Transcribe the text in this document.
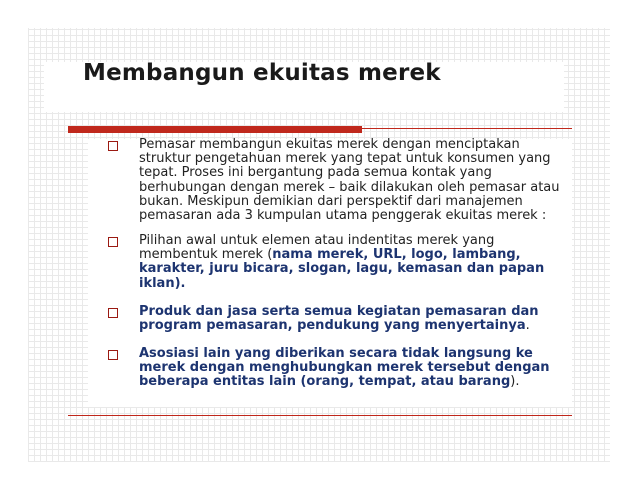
Membangun ekuitas merek
Pemasar membangun ekuitas merek dengan menciptakan struktur pengetahuan merek yang tepat untuk konsumen yang tepat. Proses ini bergantung pada semua kontak yang berhubungan dengan merek – baik dilakukan oleh pemasar atau bukan. Meskipun demikian dari perspektif dari manajemen pemasaran ada 3 kumpulan utama penggerak ekuitas merek :
Pilihan awal untuk elemen atau indentitas merek yang membentuk merek (nama merek, URL, logo, lambang, karakter, juru bicara, slogan, lagu, kemasan dan papan iklan).
Produk dan jasa serta semua kegiatan pemasaran dan program pemasaran, pendukung yang menyertainya.
Asosiasi lain yang diberikan secara tidak langsung ke merek dengan menghubungkan merek tersebut dengan beberapa entitas lain (orang, tempat, atau barang).
